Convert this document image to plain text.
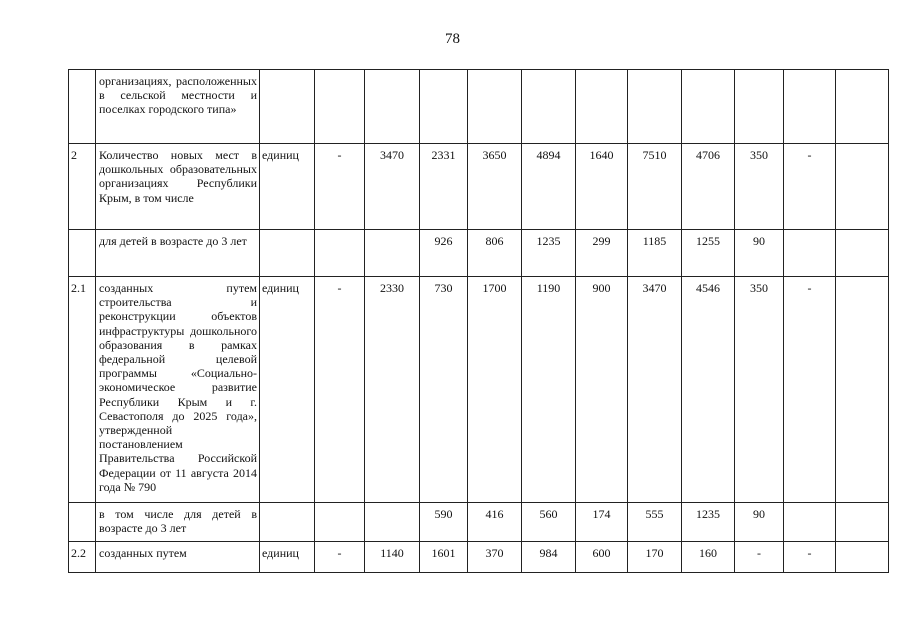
78
	организациях, расположенных в сельской местности и поселках городского типа»												
2	Количество новых мест в дошкольных образовательных организациях Республики Крым, в том числе	единиц	-	3470	2331	3650	4894	1640	7510	4706	350	-	
	для детей в возрасте до 3 лет				926	806	1235	299	1185	1255	90		
2.1	созданных путем строительства и реконструкции объектов инфраструктуры дошкольного образования в рамках федеральной целевой программы «Социально-экономическое развитие Республики Крым и г. Севастополя до 2025 года», утвержденной постановлением Правительства Российской Федерации от 11 августа 2014 года № 790	единиц	-	2330	730	1700	1190	900	3470	4546	350	-	
	в том числе для детей в возрасте до 3 лет				590	416	560	174	555	1235	90		
2.2	созданных путем	единиц	-	1140	1601	370	984	600	170	160	-	-	
